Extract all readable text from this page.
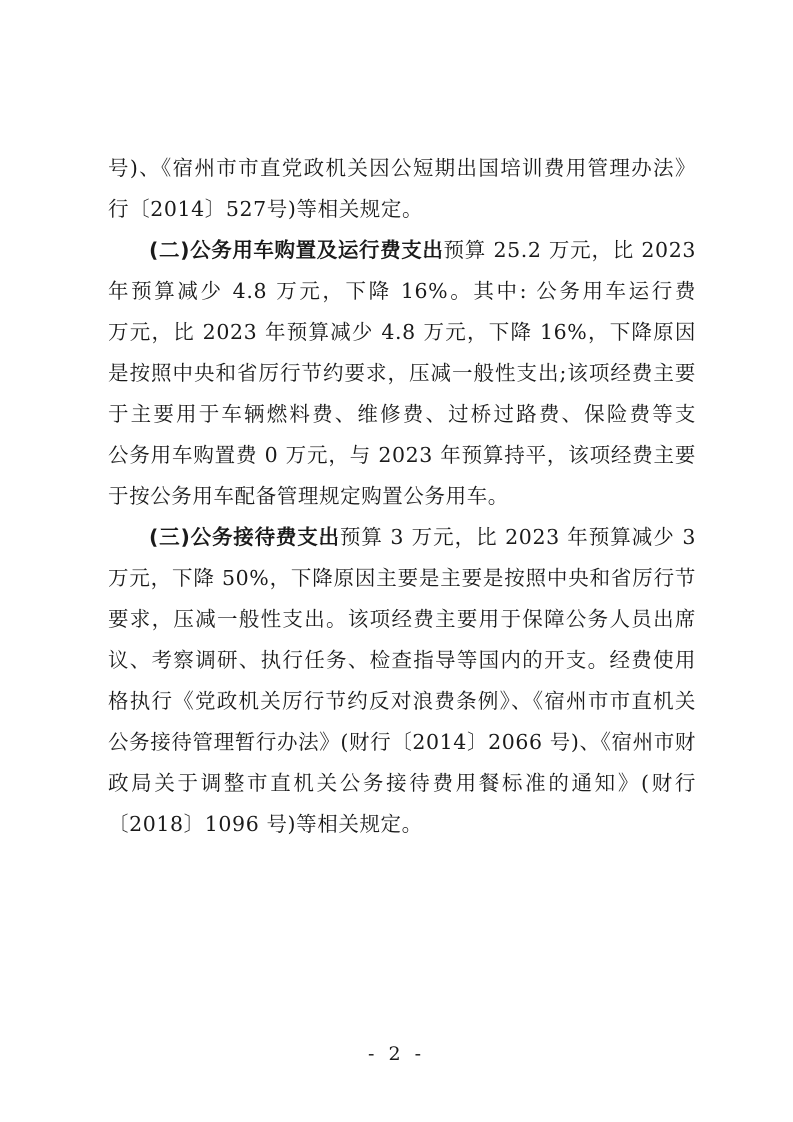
号)、《宿州市市直党政机关因公短期出国培训费用管理办法》
行〔2014〕527号)等相关规定。
(二)公务用车购置及运行费支出预算 25.2 万元，比 2023
年预算减少 4.8 万元，下降 16%。其中: 公务用车运行费
万元，比 2023 年预算减少 4.8 万元，下降 16%，下降原因
是按照中央和省厉行节约要求，压减一般性支出;该项经费主要
于主要用于车辆燃料费、维修费、过桥过路费、保险费等支
公务用车购置费 0 万元，与 2023 年预算持平，该项经费主要
于按公务用车配备管理规定购置公务用车。
(三)公务接待费支出预算 3 万元，比 2023 年预算减少 3
万元，下降 50%，下降原因主要是主要是按照中央和省厉行节
要求，压减一般性支出。该项经费主要用于保障公务人员出席
议、考察调研、执行任务、检查指导等国内的开支。经费使用
格执行《党政机关厉行节约反对浪费条例》、《宿州市市直机关
公务接待管理暂行办法》(财行〔2014〕2066 号)、《宿州市财
政局关于调整市直机关公务接待费用餐标准的通知》(财行
〔2018〕1096 号)等相关规定。
- 2 -
